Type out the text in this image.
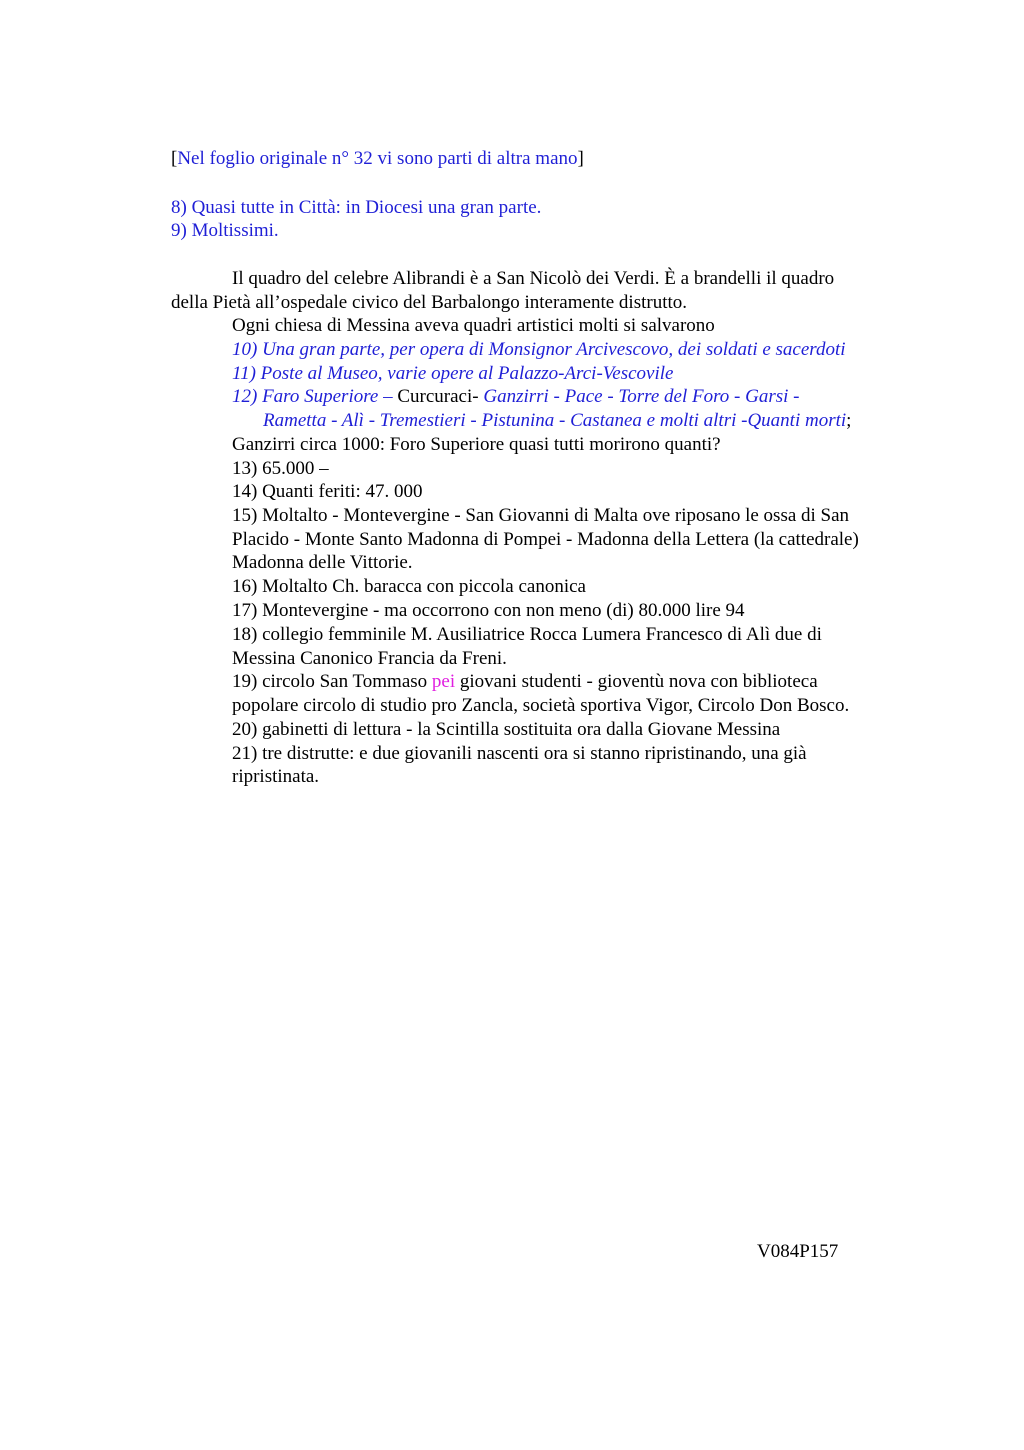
[Nel foglio originale n° 32 vi sono parti di altra mano]
8) Quasi tutte in Città: in Diocesi una gran parte.
9) Moltissimi.
Il quadro del celebre Alibrandi è a San Nicolò dei Verdi. È a brandelli il quadro
della Pietà all’ospedale civico del Barbalongo interamente distrutto.
Ogni chiesa di Messina aveva quadri artistici molti si salvarono
10) Una gran parte, per opera di Monsignor Arcivescovo, dei soldati e sacerdoti
11) Poste al Museo, varie opere al Palazzo-Arci-Vescovile
12) Faro Superiore – Curcuraci- Ganzirri - Pace - Torre del Foro - Garsi -
Rametta - Alì - Tremestieri - Pistunina - Castanea e molti altri -Quanti morti;
Ganzirri circa 1000: Foro Superiore quasi tutti morirono quanti?
13) 65.000 –
14) Quanti feriti: 47. 000
15) Moltalto - Montevergine - San Giovanni di Malta ove riposano le ossa di San
Placido - Monte Santo Madonna di Pompei - Madonna della Lettera (la cattedrale)
Madonna delle Vittorie.
16) Moltalto Ch. baracca con piccola canonica
17) Montevergine - ma occorrono con non meno (di) 80.000 lire 94
18) collegio femminile M. Ausiliatrice Rocca Lumera Francesco di Alì due di
Messina Canonico Francia da Freni.
19) circolo San Tommaso pei giovani studenti - gioventù nova con biblioteca
popolare circolo di studio pro Zancla, società sportiva Vigor, Circolo Don Bosco.
20) gabinetti di lettura - la Scintilla sostituita ora dalla Giovane Messina
21) tre distrutte: e due giovanili nascenti ora si stanno ripristinando, una già
ripristinata.
V084P157
